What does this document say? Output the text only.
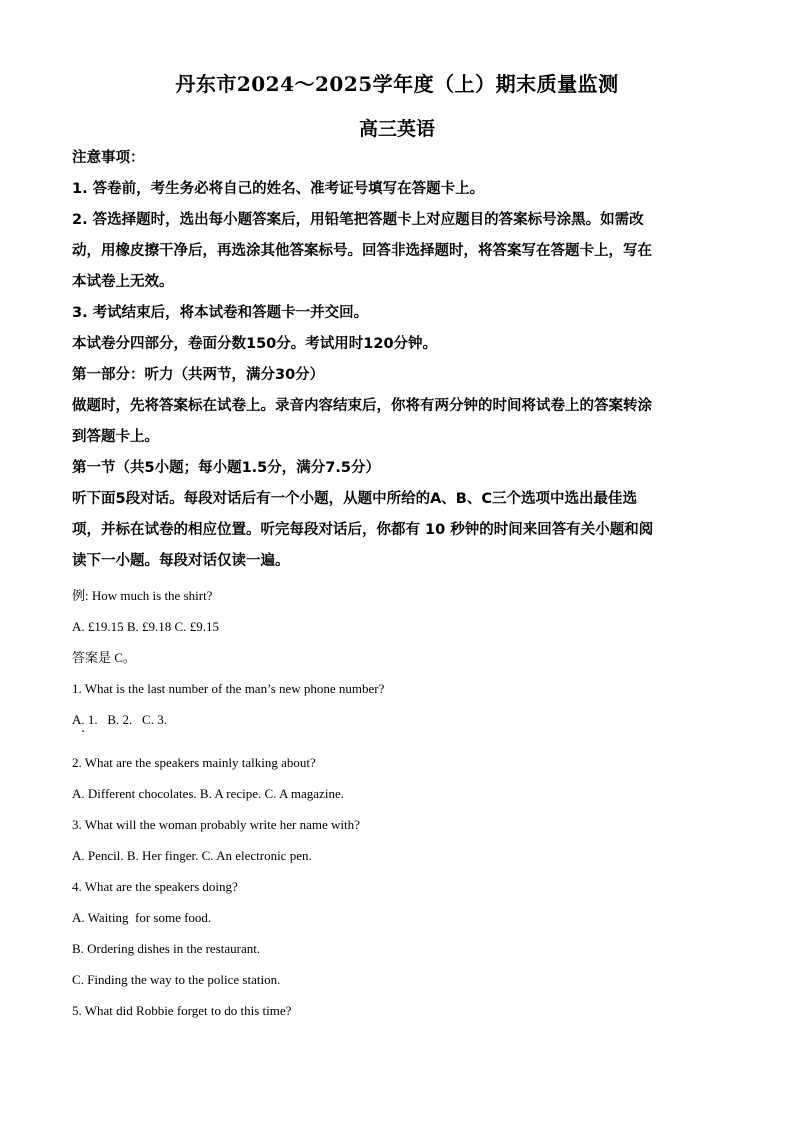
丹东市2024～2025学年度（上）期末质量监测
高三英语

注意事项：

1. 答卷前，考生务必将自己的姓名、准考证号填写在答题卡上。

2. 答选择题时，选出每小题答案后，用铅笔把答题卡上对应题目的答案标号涂黑。如需改

动，用橡皮擦干净后，再选涂其他答案标号。回答非选择题时，将答案写在答题卡上，写在

本试卷上无效。

3. 考试结束后，将本试卷和答题卡一并交回。

本试卷分四部分，卷面分数150分。考试用时120分钟。

第一部分：听力（共两节，满分30分）

做题时，先将答案标在试卷上。录音内容结束后，你将有两分钟的时间将试卷上的答案转涂

到答题卡上。

第一节（共5小题；每小题1.5分，满分7.5分）

听下面5段对话。每段对话后有一个小题，从题中所给的A、B、C三个选项中选出最佳选

项，并标在试卷的相应位置。听完每段对话后，你都有 10 秒钟的时间来回答有关小题和阅

读下一小题。每段对话仅读一遍。

例: How much is the shirt?

A. £19.15 B. £9.18 C. £9.15

答案是 C。

1. What is the last number of the man’s new phone number?

A. 1.   B. 2.   C. 3.

2. What are the speakers mainly talking about?

A. Different chocolates. B. A recipe. C. A magazine.

3. What will the woman probably write her name with?

A. Pencil. B. Her finger. C. An electronic pen.

4. What are the speakers doing?

A. Waiting  for some food.

B. Ordering dishes in the restaurant.

C. Finding the way to the police station.

5. What did Robbie forget to do this time?
